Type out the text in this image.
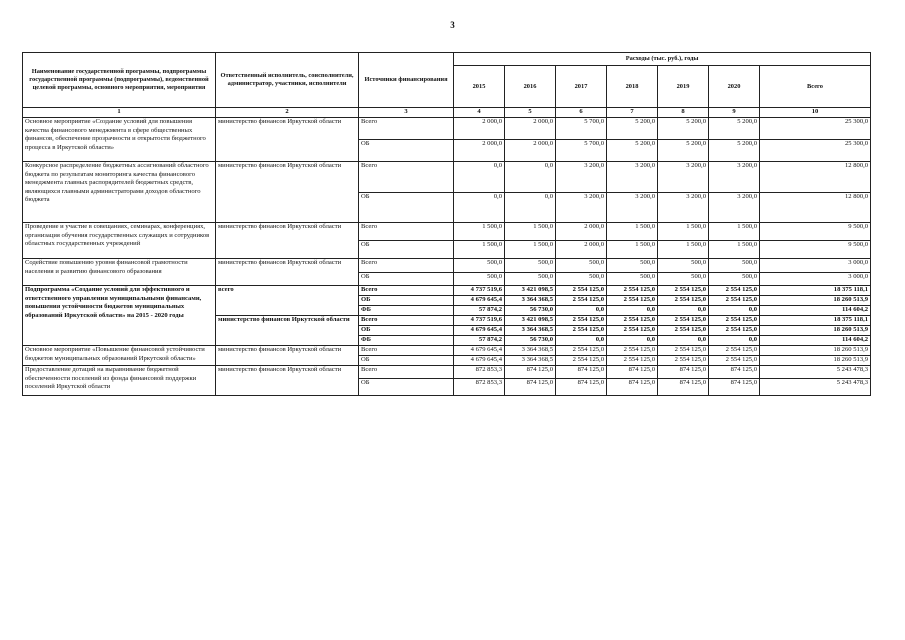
3
Наименование государственной программы, подпрограммы государственной программы (подпрограммы), ведомственной целевой программы, основного мероприятия, мероприятия	Ответственный исполнитель, соисполнители, администратор, участники, исполнители	Источники финансирования	Расходы (тыс. руб.), годы						
			2015	2016	2017	2018	2019	2020	Всего
1	2	3	4	5	6	7	8	9	10
Основное мероприятие «Создание условий для повышения качества финансового менеджмента в сфере общественных финансов, обеспечение прозрачности и открытости бюджетного процесса в Иркутской области»	министерство финансов Иркутской области	Всего	2 000,0	2 000,0	5 700,0	5 200,0	5 200,0	5 200,0	25 300,0
		ОБ	2 000,0	2 000,0	5 700,0	5 200,0	5 200,0	5 200,0	25 300,0
Конкурсное распределение бюджетных ассигнований областного бюджета по результатам мониторинга качества финансового менеджмента главных распорядителей бюджетных средств, являющихся главными администраторами доходов областного бюджета	министерство финансов Иркутской области	Всего	0,0	0,0	3 200,0	3 200,0	3 200,0	3 200,0	12 800,0
		ОБ	0,0	0,0	3 200,0	3 200,0	3 200,0	3 200,0	12 800,0
Проведение и участие в совещаниях, семинарах, конференциях, организация обучения государственных служащих и сотрудников областных государственных учреждений	министерство финансов Иркутской области	Всего	1 500,0	1 500,0	2 000,0	1 500,0	1 500,0	1 500,0	9 500,0
		ОБ	1 500,0	1 500,0	2 000,0	1 500,0	1 500,0	1 500,0	9 500,0
Содействие повышению уровня финансовой грамотности населения и развитию финансового образования	министерство финансов Иркутской области	Всего	500,0	500,0	500,0	500,0	500,0	500,0	3 000,0
		ОБ	500,0	500,0	500,0	500,0	500,0	500,0	3 000,0
Подпрограмма «Создание условий для эффективного и ответственного управления муниципальными финансами, повышения устойчивости бюджетов муниципальных образований Иркутской области» на 2015 - 2020 годы	всего	Всего	4 737 519,6	3 421 098,5	2 554 125,0	2 554 125,0	2 554 125,0	2 554 125,0	18 375 118,1
		ОБ	4 679 645,4	3 364 368,5	2 554 125,0	2 554 125,0	2 554 125,0	2 554 125,0	18 260 513,9
		ФБ	57 874,2	56 730,0	0,0	0,0	0,0	0,0	114 604,2
	министерство финансов Иркутской области	Всего	4 737 519,6	3 421 098,5	2 554 125,0	2 554 125,0	2 554 125,0	2 554 125,0	18 375 118,1
		ОБ	4 679 645,4	3 364 368,5	2 554 125,0	2 554 125,0	2 554 125,0	2 554 125,0	18 260 513,9
		ФБ	57 874,2	56 730,0	0,0	0,0	0,0	0,0	114 604,2
Основное мероприятие «Повышение финансовой устойчивости бюджетов муниципальных образований Иркутской области»	министерство финансов Иркутской области	Всего	4 679 645,4	3 364 368,5	2 554 125,0	2 554 125,0	2 554 125,0	2 554 125,0	18 260 513,9
		ОБ	4 679 645,4	3 364 368,5	2 554 125,0	2 554 125,0	2 554 125,0	2 554 125,0	18 260 513,9
Предоставление дотаций на выравнивание бюджетной обеспеченности поселений из фонда финансовой поддержки поселений Иркутской области	министерство финансов Иркутской области	Всего	872 853,3	874 125,0	874 125,0	874 125,0	874 125,0	874 125,0	5 243 478,3
		ОБ	872 853,3	874 125,0	874 125,0	874 125,0	874 125,0	874 125,0	5 243 478,3
